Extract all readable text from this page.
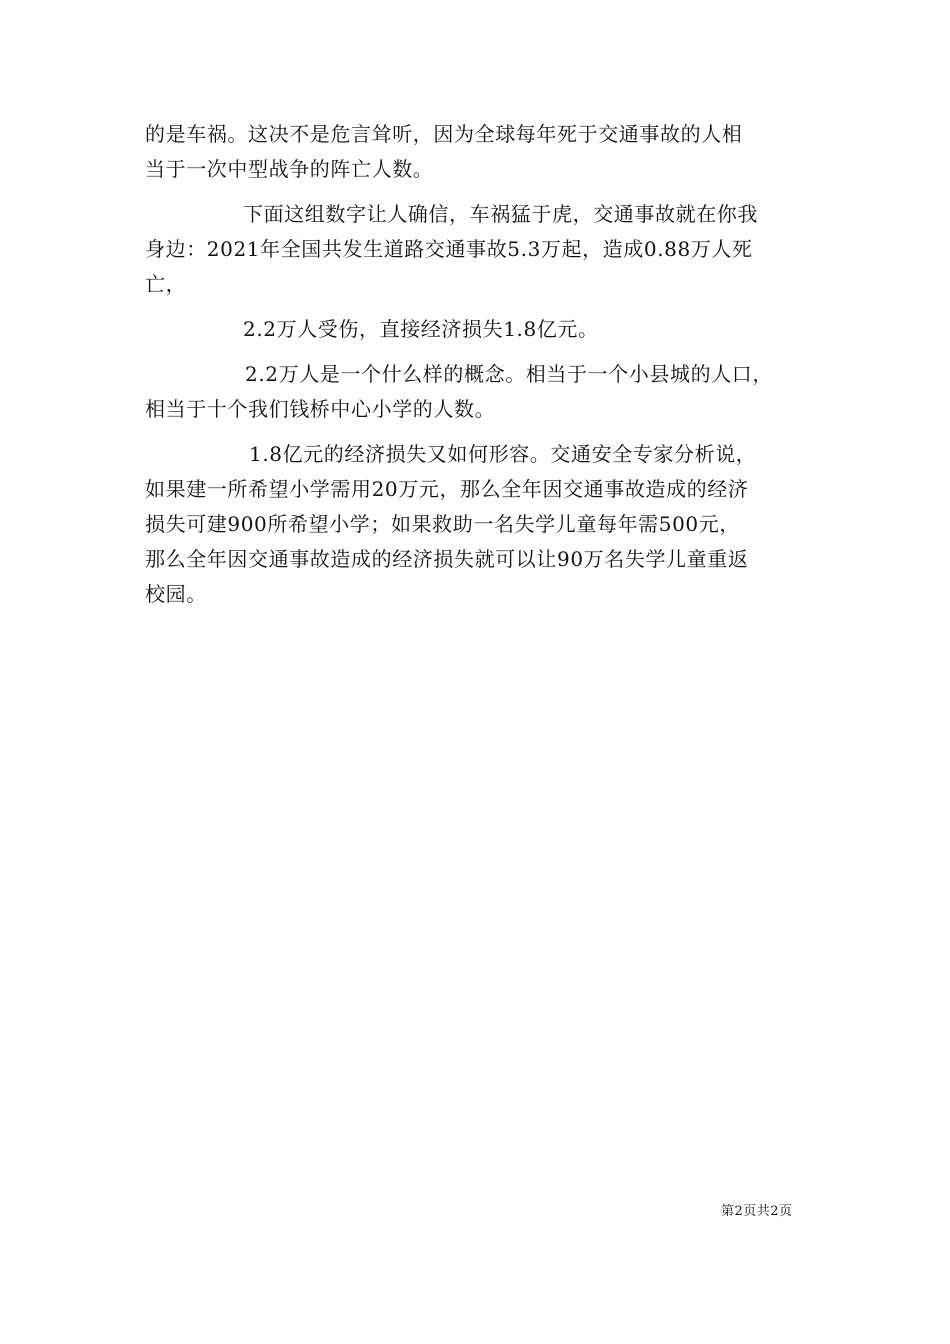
的是车祸。这决不是危言耸听，因为全球每年死于交通事故的人相
当于一次中型战争的阵亡人数。
下面这组数字让人确信，车祸猛于虎，交通事故就在你我
身边：2021年全国共发生道路交通事故5.3万起，造成0.88万人死
亡，
2.2万人受伤，直接经济损失1.8亿元。
2.2万人是一个什么样的概念。相当于一个小县城的人口，
相当于十个我们钱桥中心小学的人数。
1.8亿元的经济损失又如何形容。交通安全专家分析说，
如果建一所希望小学需用20万元，那么全年因交通事故造成的经济
损失可建900所希望小学；如果救助一名失学儿童每年需500元，
那么全年因交通事故造成的经济损失就可以让90万名失学儿童重返
校园。
第2页共2页
